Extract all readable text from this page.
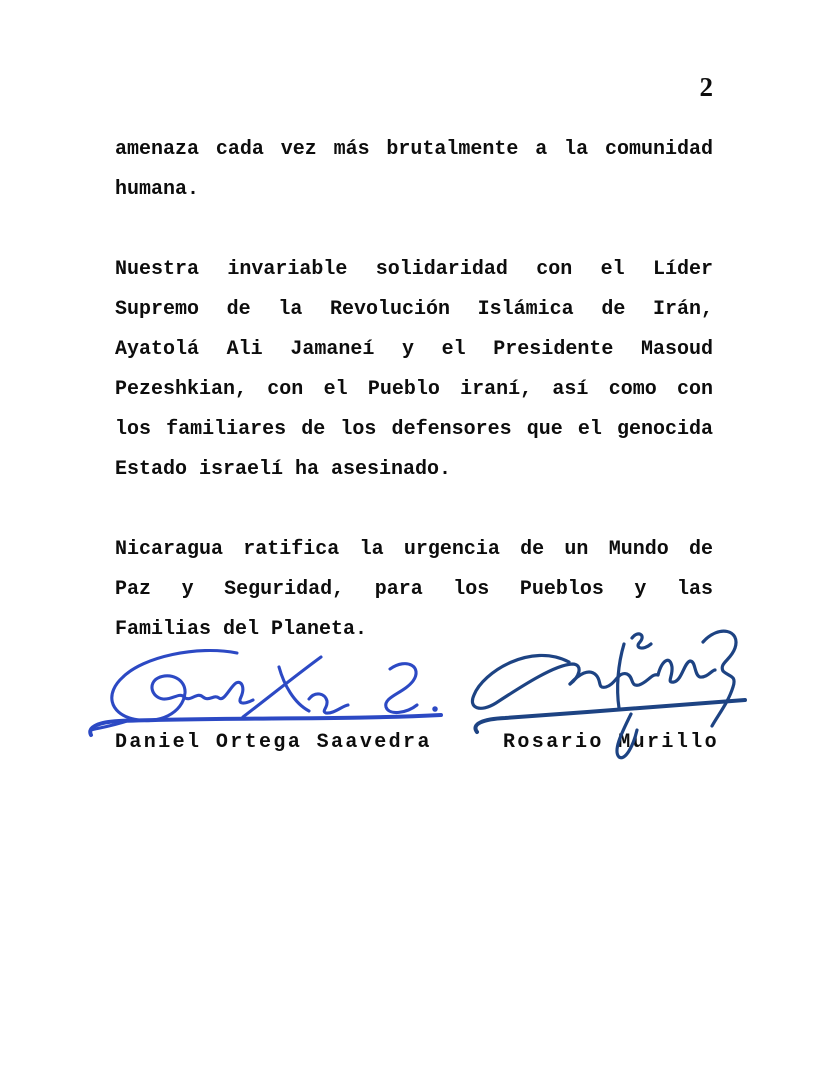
2
amenaza cada vez más brutalmente a la comunidad
humana.
Nuestra invariable solidaridad con el Líder
Supremo de la Revolución Islámica de Irán,
Ayatolá Ali Jamaneí y el Presidente Masoud
Pezeshkian, con el Pueblo iraní, así como con
los familiares de los defensores que el genocida
Estado israelí ha asesinado.
Nicaragua ratifica la urgencia de un Mundo de
Paz y Seguridad, para los Pueblos y las
Familias del Planeta.
Daniel Ortega Saavedra	Rosario Murillo
